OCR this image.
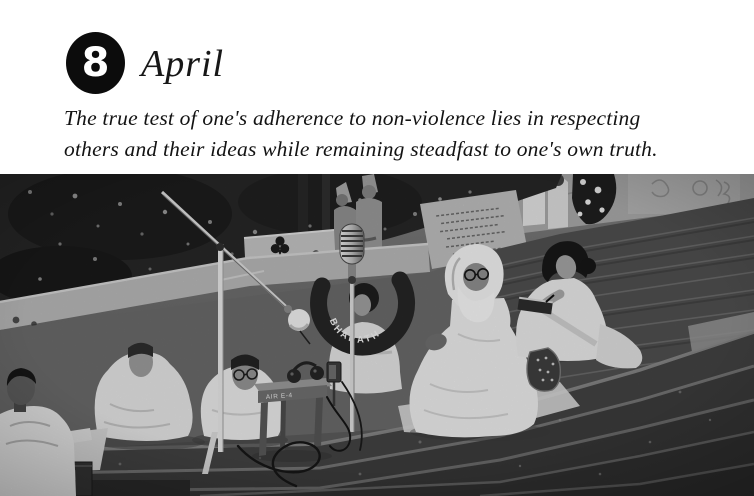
8 April
The true test of one's adherence to non-violence lies in respecting
others and their ideas while remaining steadfast to one's own truth.
